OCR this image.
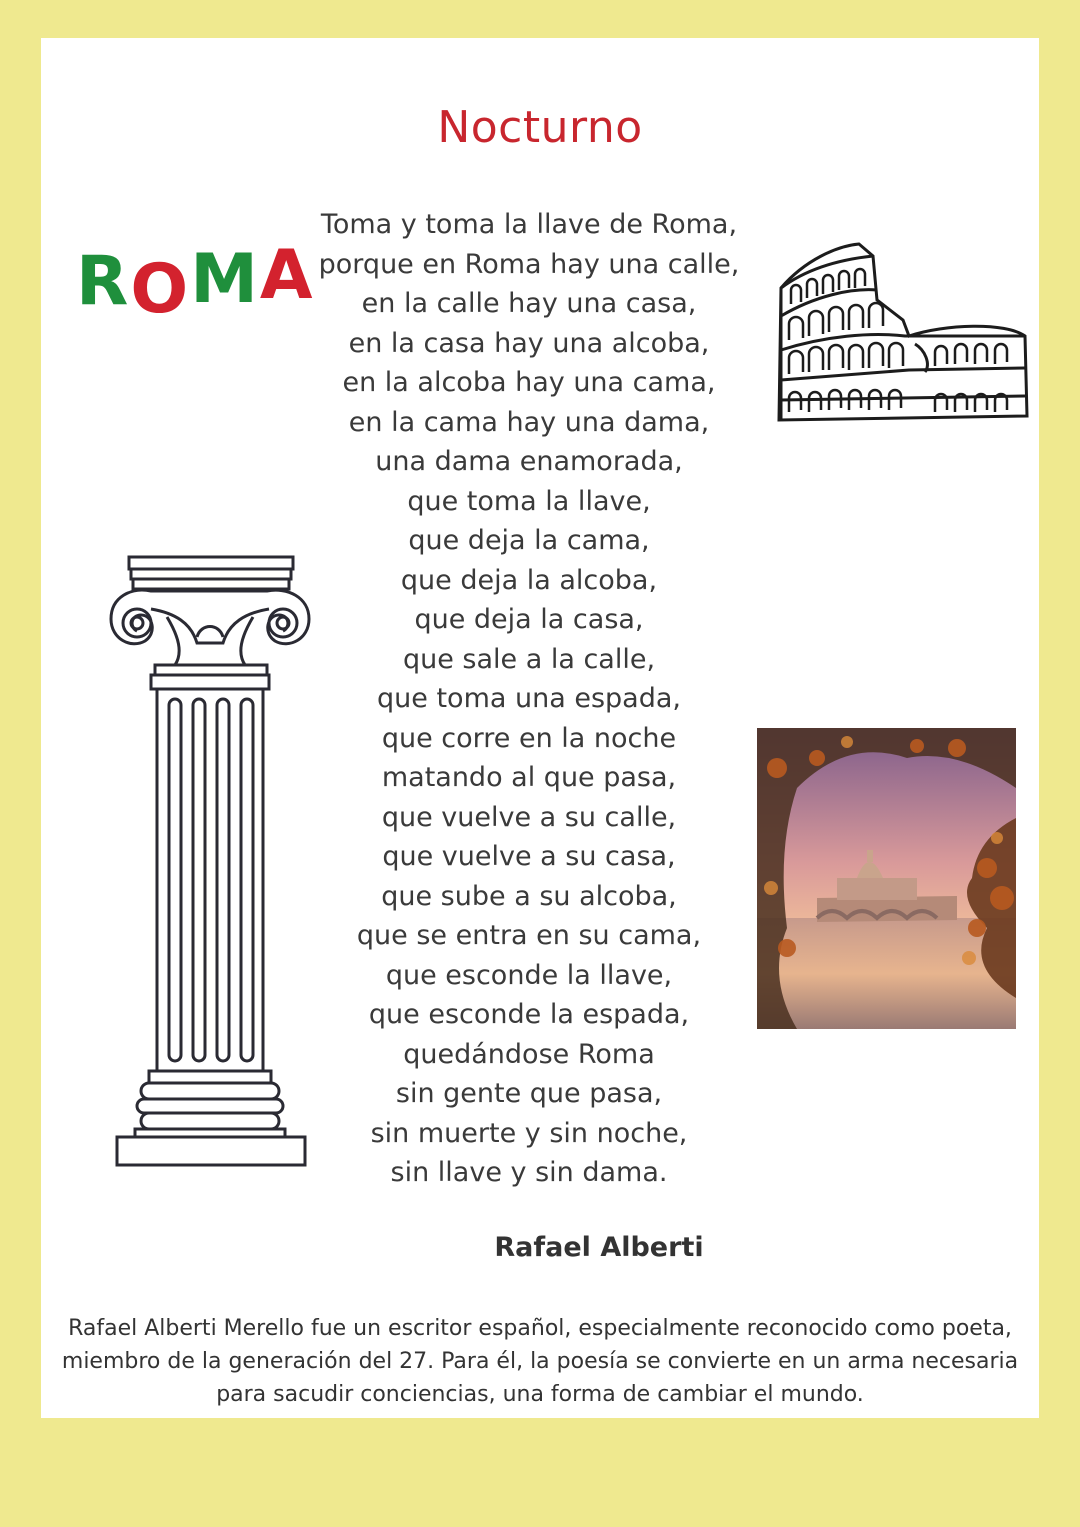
Nocturno
ROMA
Toma y toma la llave de Roma,
porque en Roma hay una calle,
en la calle hay una casa,
en la casa hay una alcoba,
en la alcoba hay una cama,
en la cama hay una dama,
una dama enamorada,
que toma la llave,
que deja la cama,
que deja la alcoba,
que deja la casa,
que sale a la calle,
que toma una espada,
que corre en la noche
matando al que pasa,
que vuelve a su calle,
que vuelve a su casa,
que sube a su alcoba,
que se entra en su cama,
que esconde la llave,
que esconde la espada,
quedándose Roma
sin gente que pasa,
sin muerte y sin noche,
sin llave y sin dama.
Rafael Alberti

Rafael Alberti Merello fue un escritor español, especialmente reconocido como poeta, miembro de la generación del 27. Para él, la poesía se convierte en un arma necesaria para sacudir conciencias, una forma de cambiar el mundo.
